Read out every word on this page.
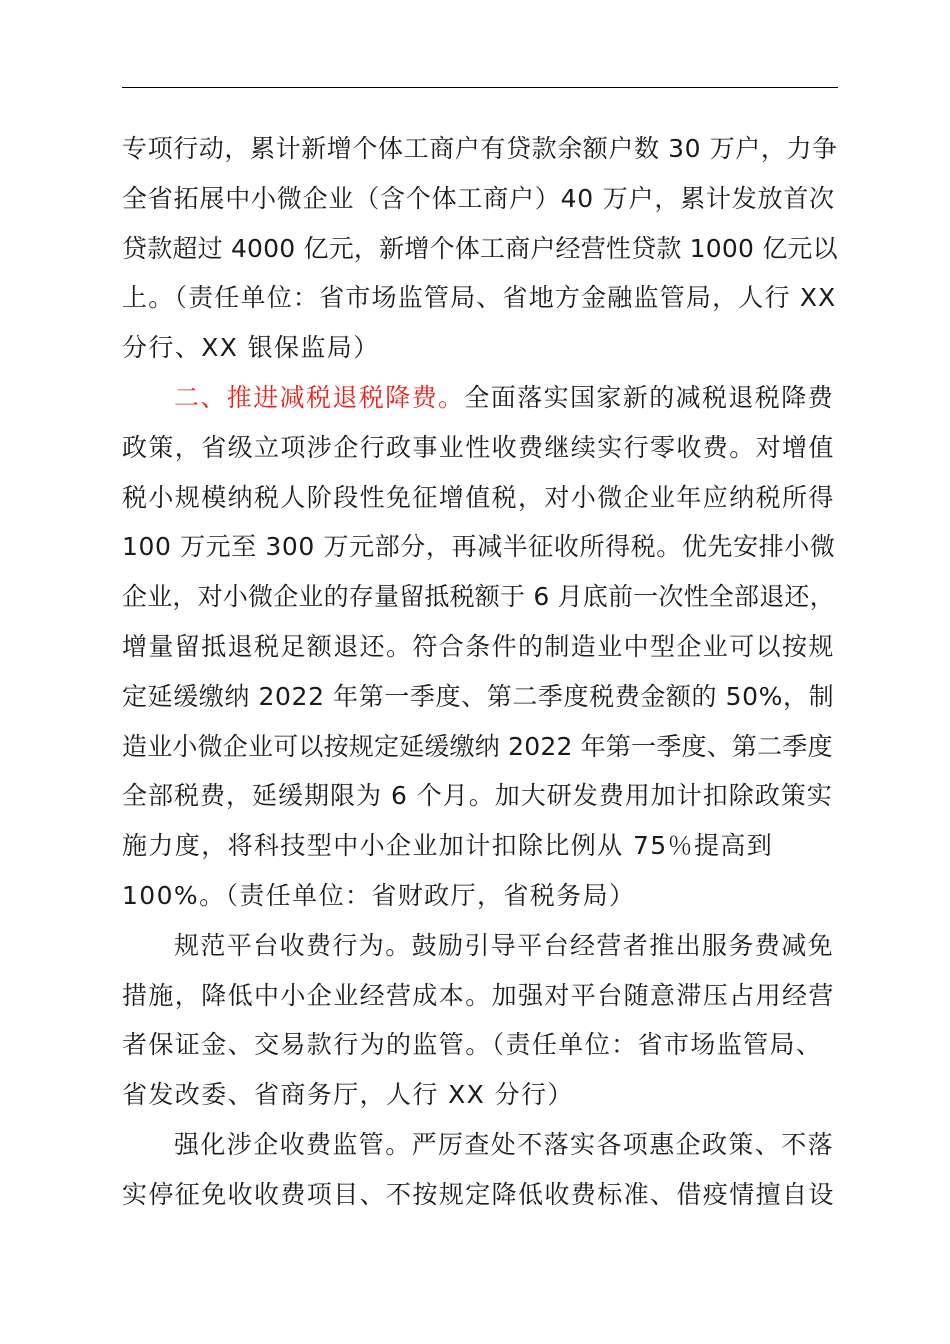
专项行动，累计新增个体工商户有贷款余额户数 30 万户，力争
全省拓展中小微企业（含个体工商户）40 万户，累计发放首次
贷款超过 4000 亿元，新增个体工商户经营性贷款 1000 亿元以
上。（责任单位：省市场监管局、省地方金融监管局，人行 XX
分行、XX 银保监局）
二、推进减税退税降费。全面落实国家新的减税退税降费
政策，省级立项涉企行政事业性收费继续实行零收费。对增值
税小规模纳税人阶段性免征增值税，对小微企业年应纳税所得
100 万元至 300 万元部分，再减半征收所得税。优先安排小微
企业，对小微企业的存量留抵税额于 6 月底前一次性全部退还，
增量留抵退税足额退还。符合条件的制造业中型企业可以按规
定延缓缴纳 2022 年第一季度、第二季度税费金额的 50%，制
造业小微企业可以按规定延缓缴纳 2022 年第一季度、第二季度
全部税费，延缓期限为 6 个月。加大研发费用加计扣除政策实
施力度，将科技型中小企业加计扣除比例从 75％提高到
100%。（责任单位：省财政厅，省税务局）
规范平台收费行为。鼓励引导平台经营者推出服务费减免
措施，降低中小企业经营成本。加强对平台随意滞压占用经营
者保证金、交易款行为的监管。（责任单位：省市场监管局、
省发改委、省商务厅，人行 XX 分行）
强化涉企收费监管。严厉查处不落实各项惠企政策、不落
实停征免收收费项目、不按规定降低收费标准、借疫情擅自设
